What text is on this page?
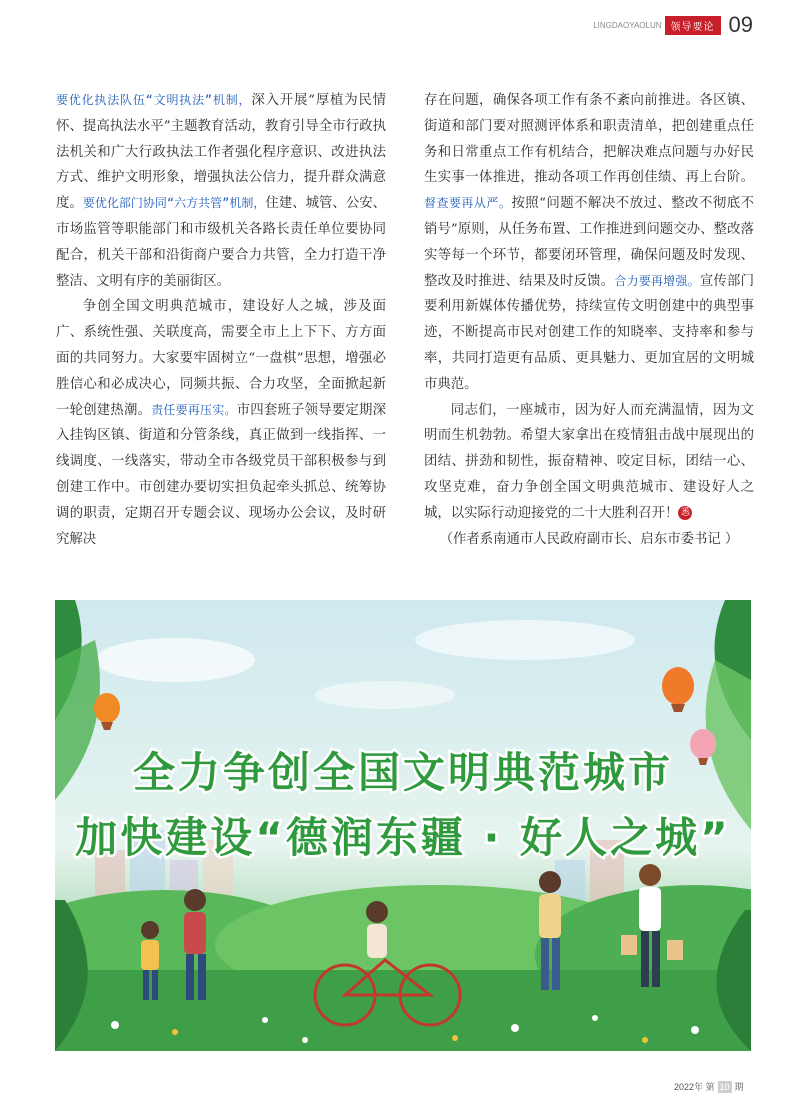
LINGDAOYAOLUN 领导要论 09

要优化执法队伍“文明执法”机制，深入开展“厚植为民情怀、提高执法水平”主题教育活动，教育引导全市行政执法机关和广大行政执法工作者强化程序意识、改进执法方式、维护文明形象，增强执法公信力，提升群众满意度。要优化部门协同“六方共管”机制，住建、城管、公安、市场监管等职能部门和市级机关各路长责任单位要协同配合，机关干部和沿街商户要合力共管，全力打造干净整洁、文明有序的美丽街区。

争创全国文明典范城市，建设好人之城，涉及面广、系统性强、关联度高，需要全市上上下下、方方面面的共同努力。大家要牢固树立“一盘棋”思想，增强必胜信心和必成决心，同频共振、合力攻坚，全面掀起新一轮创建热潮。责任要再压实。市四套班子领导要定期深入挂钩区镇、街道和分管条线，真正做到一线指挥、一线调度、一线落实，带动全市各级党员干部积极参与到创建工作中。市创建办要切实担负起牵头抓总、统筹协调的职责，定期召开专题会议、现场办公会议，及时研究解决

存在问题，确保各项工作有条不紊向前推进。各区镇、街道和部门要对照测评体系和职责清单，把创建重点任务和日常重点工作有机结合，把解决难点问题与办好民生实事一体推进，推动各项工作再创佳绩、再上台阶。督查要再从严。按照“问题不解决不放过、整改不彻底不销号”原则，从任务布置、工作推进到问题交办、整改落实等每一个环节，都要闭环管理，确保问题及时发现、整改及时推进、结果及时反馈。合力要再增强。宣传部门要利用新媒体传播优势，持续宣传文明创建中的典型事迹，不断提高市民对创建工作的知晓率、支持率和参与率，共同打造更有品质、更具魅力、更加宜居的文明城市典范。

同志们，一座城市，因为好人而充满温情，因为文明而生机勃勃。希望大家拿出在疫情狙击战中展现出的团结、拼劲和韧性，振奋精神、咬定目标，团结一心、攻坚克难，奋力争创全国文明典范城市、建设好人之城，以实际行动迎接党的二十大胜利召开！ 悉

（作者系南通市人民政府副市长、启东市委书记 ）

全力争创全国文明典范城市
加快建设“德润东疆 · 好人之城”
2022年 第 10 期
